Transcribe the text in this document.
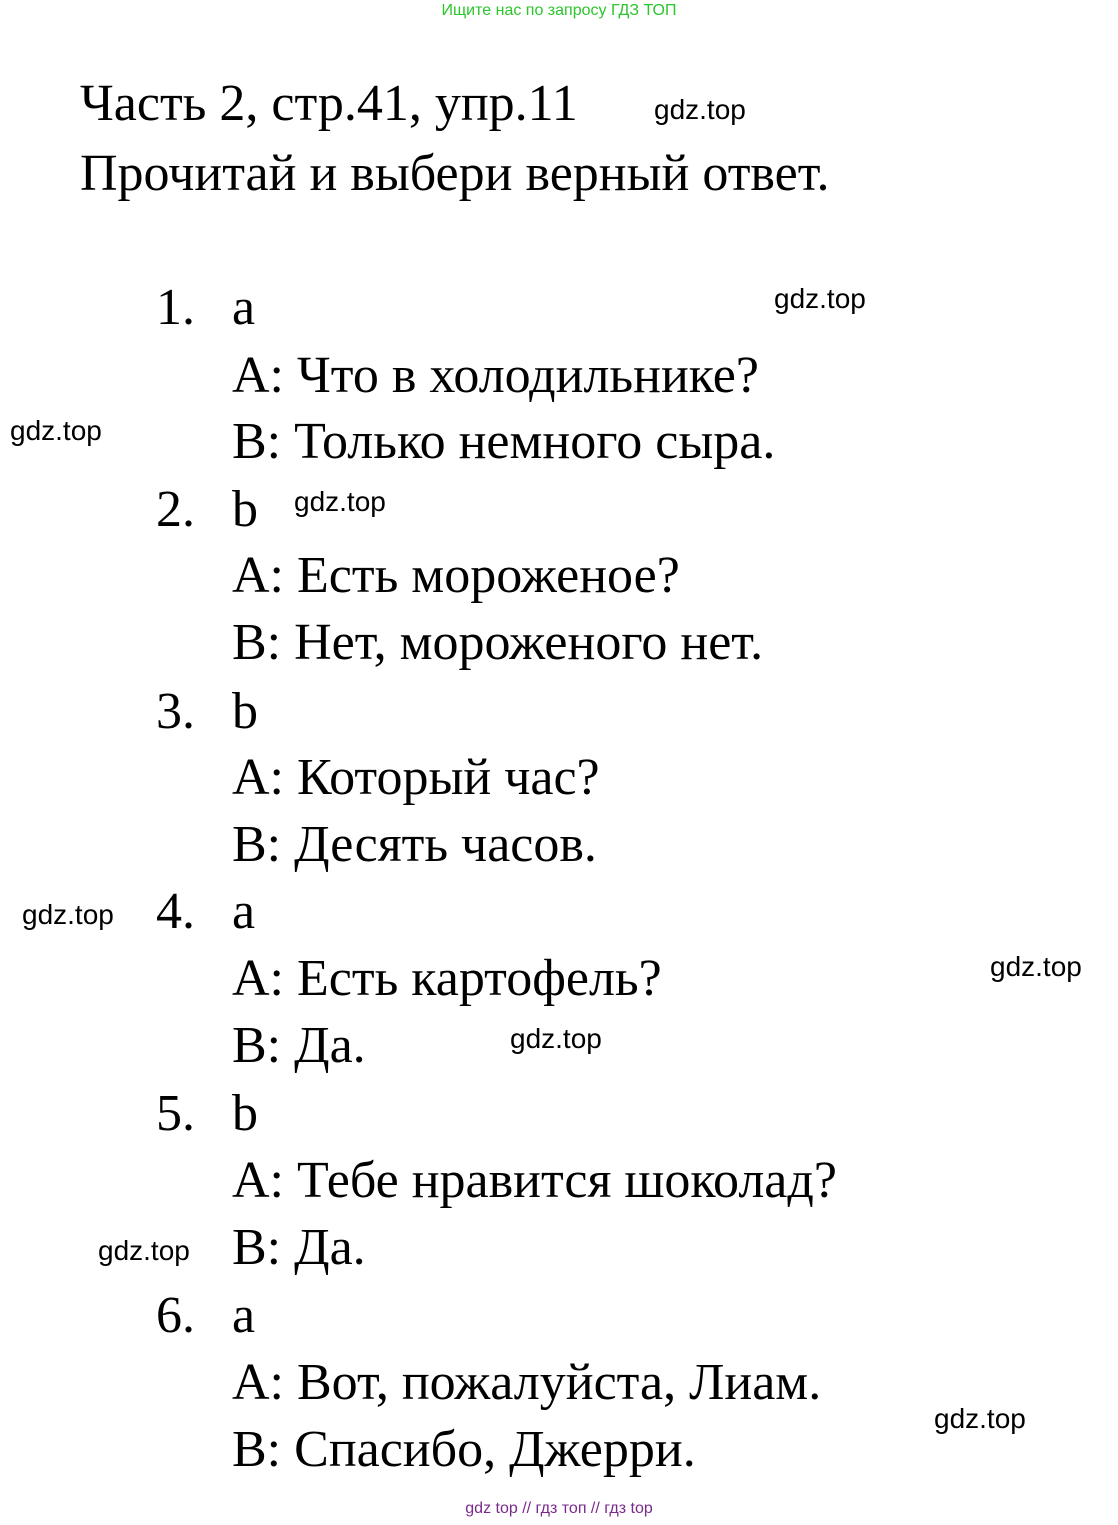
Ищите нас по запросу ГДЗ ТОП
Часть 2, стр.41, упр.11
Прочитай и выбери верный ответ.
1. a
A: Что в холодильнике?
B: Только немного сыра.
2. b
A: Есть мороженое?
B: Нет, мороженого нет.
3. b
A: Который час?
B: Десять часов.
4. a
A: Есть картофель?
B: Да.
5. b
A: Тебе нравится шоколад?
B: Да.
6. a
A: Вот, пожалуйста, Лиам.
B: Спасибо, Джерри.
gdz.top
gdz.top
gdz.top
gdz.top
gdz.top
gdz.top
gdz.top
gdz.top
gdz.top
gdz top // гдз топ // гдз top
